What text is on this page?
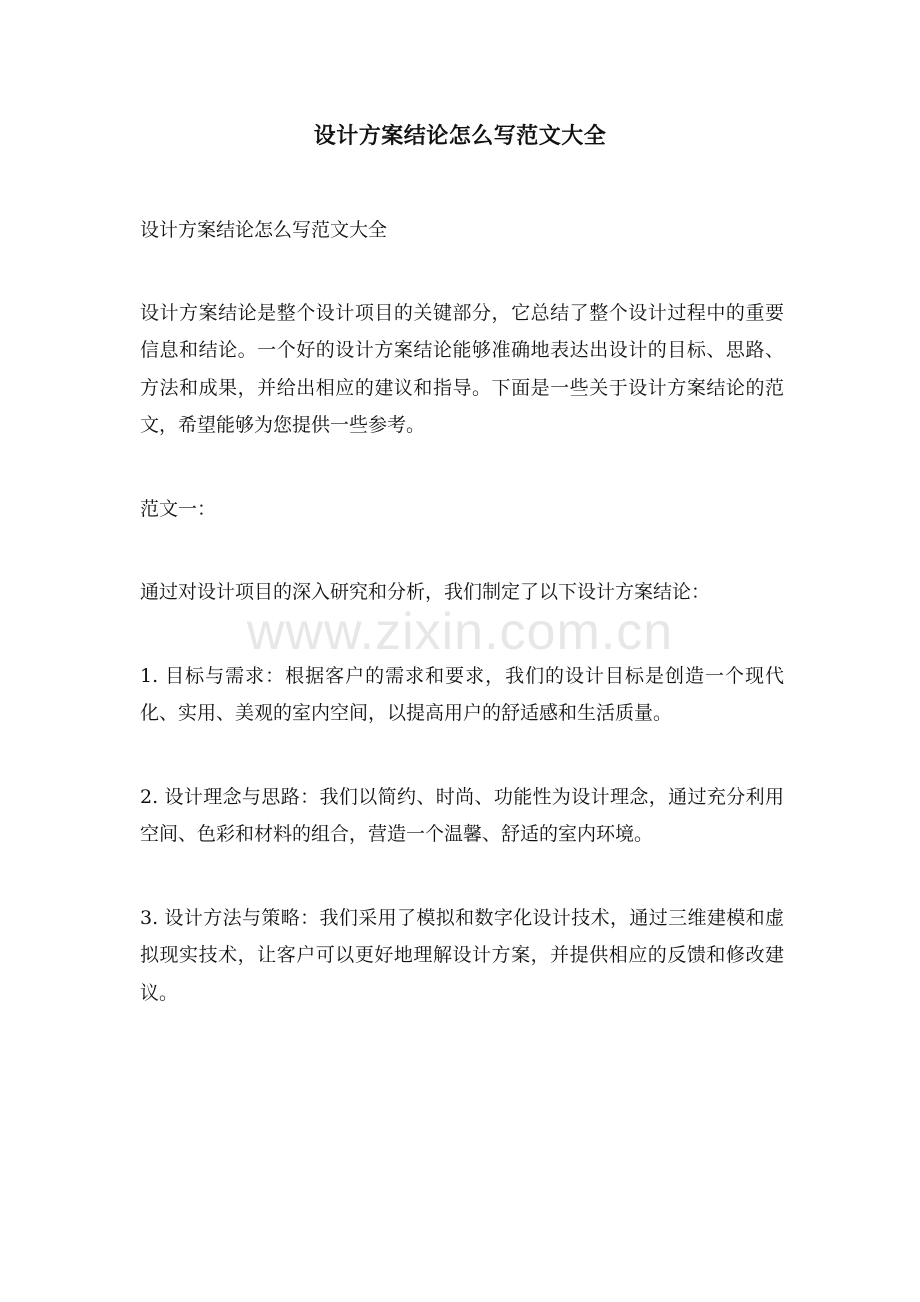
设计方案结论怎么写范文大全

设计方案结论怎么写范文大全

设计方案结论是整个设计项目的关键部分，它总结了整个设计过程中的重要信息和结论。一个好的设计方案结论能够准确地表达出设计的目标、思路、方法和成果，并给出相应的建议和指导。下面是一些关于设计方案结论的范文，希望能够为您提供一些参考。

范文一：

通过对设计项目的深入研究和分析，我们制定了以下设计方案结论：

1. 目标与需求：根据客户的需求和要求，我们的设计目标是创造一个现代化、实用、美观的室内空间，以提高用户的舒适感和生活质量。

2. 设计理念与思路：我们以简约、时尚、功能性为设计理念，通过充分利用空间、色彩和材料的组合，营造一个温馨、舒适的室内环境。

3. 设计方法与策略：我们采用了模拟和数字化设计技术，通过三维建模和虚拟现实技术，让客户可以更好地理解设计方案，并提供相应的反馈和修改建议。

www.zixin.com.cn
